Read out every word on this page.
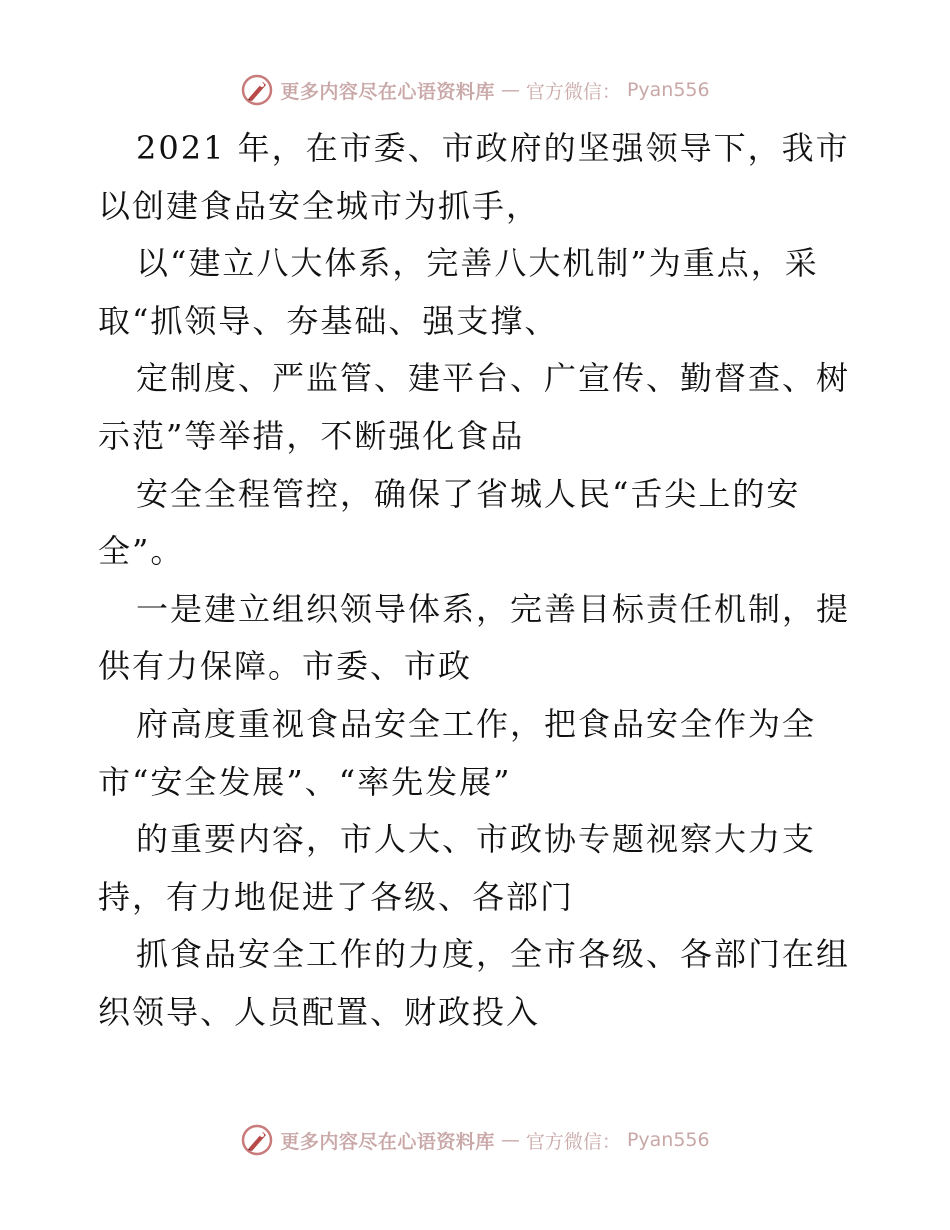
更多内容尽在心语资料库 — 官方微信： Pyan556
2021 年，在市委、市政府的坚强领导下，我市
以创建食品安全城市为抓手，
以“建立八大体系，完善八大机制”为重点，采
取“抓领导、夯基础、强支撑、
定制度、严监管、建平台、广宣传、勤督查、树
示范”等举措，不断强化食品
安全全程管控，确保了省城人民“舌尖上的安
全”。
一是建立组织领导体系，完善目标责任机制，提
供有力保障。市委、市政
府高度重视食品安全工作，把食品安全作为全
市“安全发展”、“率先发展”
的重要内容，市人大、市政协专题视察大力支
持，有力地促进了各级、各部门
抓食品安全工作的力度，全市各级、各部门在组
织领导、人员配置、财政投入
更多内容尽在心语资料库 — 官方微信： Pyan556
